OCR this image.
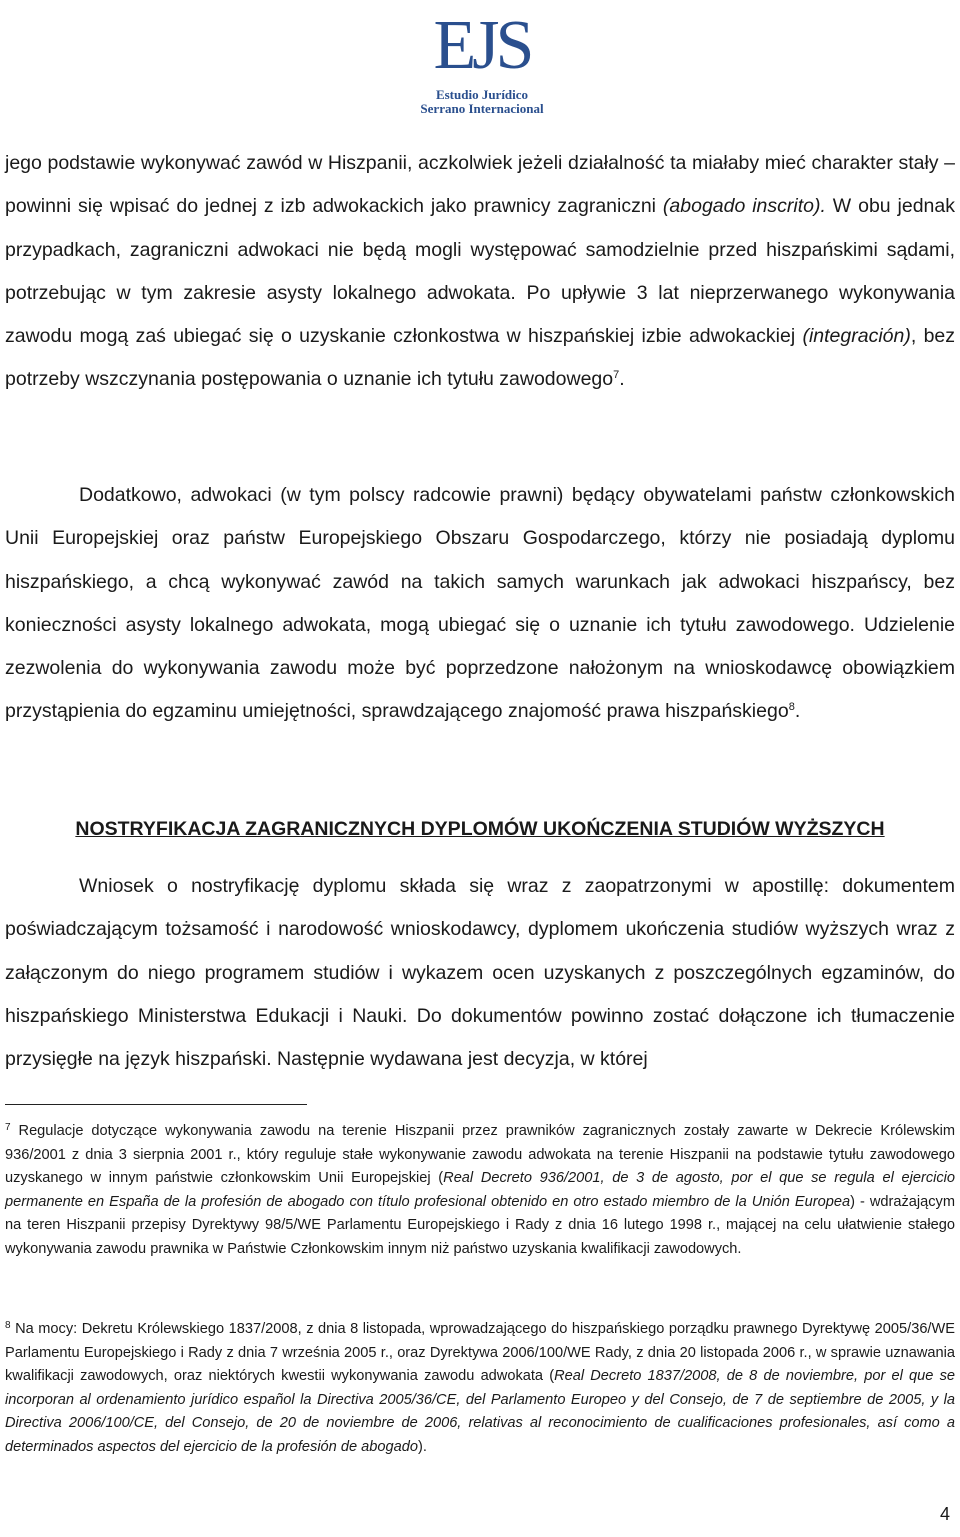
EJS
Estudio Jurídico
Serrano Internacional

jego podstawie wykonywać zawód w Hiszpanii, aczkolwiek jeżeli działalność ta miałaby mieć charakter stały – powinni się wpisać do jednej z izb adwokackich jako prawnicy zagraniczni (abogado inscrito). W obu jednak przypadkach, zagraniczni adwokaci nie będą mogli występować samodzielnie przed hiszpańskimi sądami, potrzebując w tym zakresie asysty lokalnego adwokata. Po upływie 3 lat nieprzerwanego wykonywania zawodu mogą zaś ubiegać się o uzyskanie członkostwa w hiszpańskiej izbie adwokackiej (integración), bez potrzeby wszczynania postępowania o uznanie ich tytułu zawodowego$^7$.

Dodatkowo, adwokaci (w tym polscy radcowie prawni) będący obywatelami państw członkowskich Unii Europejskiej oraz państw Europejskiego Obszaru Gospodarczego, którzy nie posiadają dyplomu hiszpańskiego, a chcą wykonywać zawód na takich samych warunkach jak adwokaci hiszpańscy, bez konieczności asysty lokalnego adwokata, mogą ubiegać się o uznanie ich tytułu zawodowego. Udzielenie zezwolenia do wykonywania zawodu może być poprzedzone nałożonym na wnioskodawcę obowiązkiem przystąpienia do egzaminu umiejętności, sprawdzającego znajomość prawa hiszpańskiego$^8$.

NOSTRYFIKACJA ZAGRANICZNYCH DYPLOMÓW UKOŃCZENIA STUDIÓW WYŻSZYCH

Wniosek o nostryfikację dyplomu składa się wraz z zaopatrzonymi w apostillę: dokumentem poświadczającym tożsamość i narodowość wnioskodawcy, dyplomem ukończenia studiów wyższych wraz z załączonym do niego programem studiów i wykazem ocen uzyskanych z poszczególnych egzaminów, do hiszpańskiego Ministerstwa Edukacji i Nauki. Do dokumentów powinno zostać dołączone ich tłumaczenie przysięgłe na język hiszpański. Następnie wydawana jest decyzja, w której

$^7$ Regulacje dotyczące wykonywania zawodu na terenie Hiszpanii przez prawników zagranicznych zostały zawarte w Dekrecie Królewskim 936/2001 z dnia 3 sierpnia 2001 r., który reguluje stałe wykonywanie zawodu adwokata na terenie Hiszpanii na podstawie tytułu zawodowego uzyskanego w innym państwie członkowskim Unii Europejskiej (Real Decreto 936/2001, de 3 de agosto, por el que se regula el ejercicio permanente en España de la profesión de abogado con título profesional obtenido en otro estado miembro de la Unión Europea) - wdrażającym na teren Hiszpanii przepisy Dyrektywy 98/5/WE Parlamentu Europejskiego i Rady z dnia 16 lutego 1998 r., mającej na celu ułatwienie stałego wykonywania zawodu prawnika w Państwie Członkowskim innym niż państwo uzyskania kwalifikacji zawodowych.

$^8$ Na mocy: Dekretu Królewskiego 1837/2008, z dnia 8 listopada, wprowadzającego do hiszpańskiego porządku prawnego Dyrektywę 2005/36/WE Parlamentu Europejskiego i Rady z dnia 7 września 2005 r., oraz Dyrektywa 2006/100/WE Rady, z dnia 20 listopada 2006 r., w sprawie uznawania kwalifikacji zawodowych, oraz niektórych kwestii wykonywania zawodu adwokata (Real Decreto 1837/2008, de 8 de noviembre, por el que se incorporan al ordenamiento jurídico español la Directiva 2005/36/CE, del Parlamento Europeo y del Consejo, de 7 de septiembre de 2005, y la Directiva 2006/100/CE, del Consejo, de 20 de noviembre de 2006, relativas al reconocimiento de cualificaciones profesionales, así como a determinados aspectos del ejercicio de la profesión de abogado).

4
